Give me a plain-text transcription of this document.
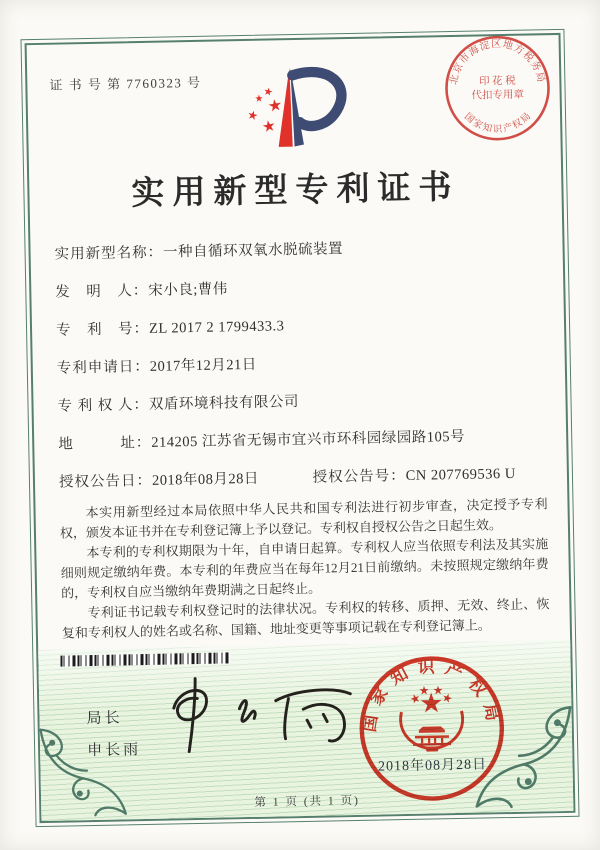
证 书 号 第 7760323 号	北京市海淀区地方税务局
印 花 税
代扣专用章
国家知识产权局
实用新型专利证书
实用新型名称：一种自循环双氧水脱硫装置
发　明　人：宋小良;曹伟
专　利　号：ZL 2017 2 1799433.3
专利申请日：2017年12月21日
专 利 权 人：双盾环境科技有限公司
地　　　址：214205 江苏省无锡市宜兴市环科园绿园路105号
授权公告日：2018年08月28日	授权公告号：CN 207769536 U

本实用新型经过本局依照中华人民共和国专利法进行初步审查，决定授予专利权，颁发本证书并在专利登记簿上予以登记。专利权自授权公告之日起生效。

本专利的专利权期限为十年，自申请日起算。专利权人应当依照专利法及其实施细则规定缴纳年费。本专利的年费应当在每年12月21日前缴纳。未按照规定缴纳年费的，专利权自应当缴纳年费期满之日起终止。

专利证书记载专利权登记时的法律状况。专利权的转移、质押、无效、终止、恢复和专利权人的姓名或名称、国籍、地址变更等事项记载在专利登记簿上。

局长
申长雨
国家知识产权局
2018年08月28日
第 1 页 (共 1 页)
